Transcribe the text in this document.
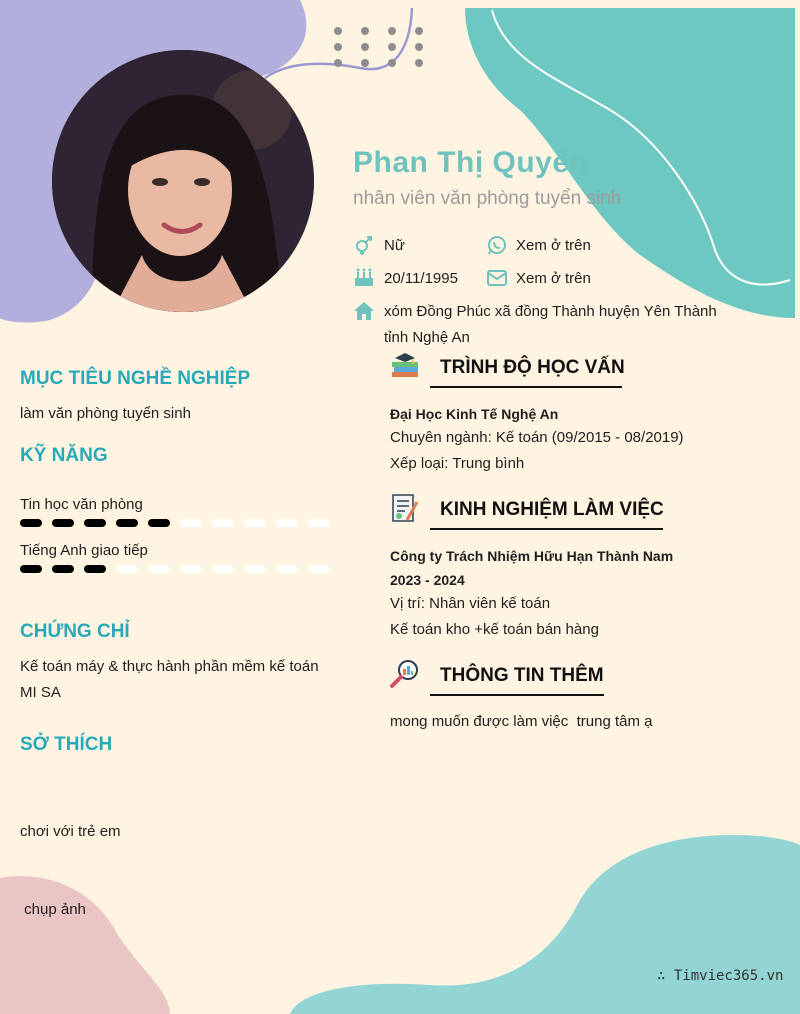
Phan Thị Quyên
nhân viên văn phòng tuyển sinh
Nữ	Xem ở trên
20/11/1995	Xem ở trên
xóm Đồng Phúc xã đồng Thành huyện Yên Thành
tỉnh Nghệ An
MỤC TIÊU NGHỀ NGHIỆP
làm văn phòng tuyển sinh
KỸ NĂNG
Tin học văn phòng
Tiếng Anh giao tiếp
CHỨNG CHỈ
Kế toán máy & thực hành phần mềm kế toán
MI SA
SỞ THÍCH

chơi với trẻ em

chụp ảnh

TRÌNH ĐỘ HỌC VẤN
Đại Học Kinh Tế Nghệ An
Chuyên ngành: Kế toán (09/2015 - 08/2019)
Xếp loại: Trung bình
KINH NGHIỆM LÀM VIỆC
Công ty Trách Nhiệm Hữu Hạn Thành Nam
2023 - 2024
Vị trí: Nhân viên kế toán
Kế toán kho +kế toán bán hàng
THÔNG TIN THÊM
mong muốn được làm việc  trung tâm ạ
∴ Timviec365.vn
